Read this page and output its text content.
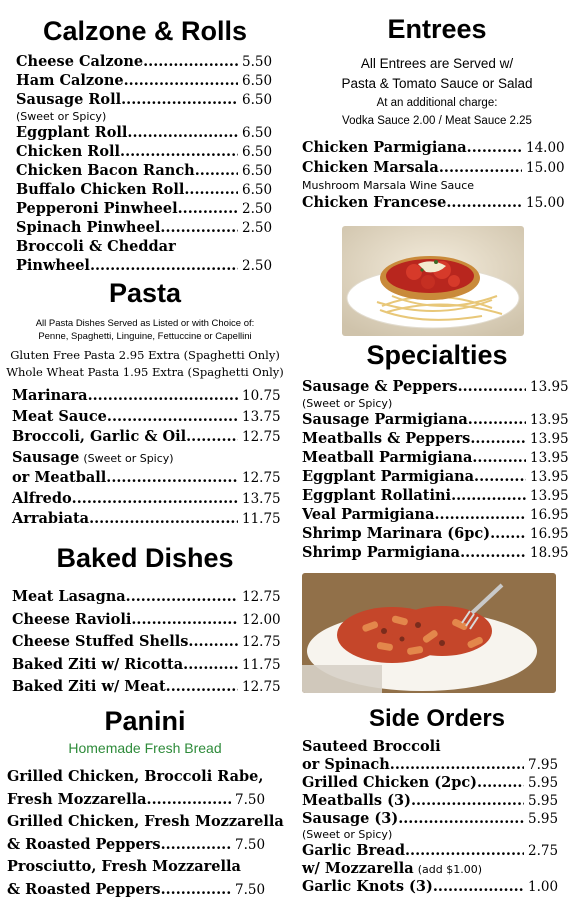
Calzone & Rolls
Cheese Calzone .....	5.50
Ham Calzone .....	6.50
Sausage Roll .....	6.50
(Sweet or Spicy)
Eggplant Roll .....	6.50
Chicken Roll .....	6.50
Chicken Bacon Ranch .....	6.50
Buffalo Chicken Roll .....	6.50
Pepperoni Pinwheel .....	2.50
Spinach Pinwheel .....	2.50
Broccoli & Cheddar
Pinwheel .....	2.50
Pasta
All Pasta Dishes Served as Listed or with Choice of:
Penne, Spaghetti, Linguine, Fettuccine or Capellini
Gluten Free Pasta 2.95 Extra (Spaghetti Only)
Whole Wheat Pasta 1.95 Extra (Spaghetti Only)
Marinara .....	10.75
Meat Sauce .....	13.75
Broccoli, Garlic & Oil .....	12.75
Sausage (Sweet or Spicy)
or Meatball .....	12.75
Alfredo .....	13.75
Arrabiata .....	11.75
Baked Dishes
Meat Lasagna .....	12.75
Cheese Ravioli .....	12.00
Cheese Stuffed Shells .....	12.75
Baked Ziti w/ Ricotta .....	11.75
Baked Ziti w/ Meat .....	12.75
Panini
Homemade Fresh Bread
Grilled Chicken, Broccoli Rabe,
Fresh Mozzarella .....	7.50
Grilled Chicken, Fresh Mozzarella
& Roasted Peppers .....	7.50
Prosciutto, Fresh Mozzarella
& Roasted Peppers .....	7.50
Entrees
All Entrees are Served w/
Pasta & Tomato Sauce or Salad
At an additional charge:
Vodka Sauce 2.00 / Meat Sauce 2.25
Chicken Parmigiana .....	14.00
Chicken Marsala .....	15.00
Mushroom Marsala Wine Sauce
Chicken Francese .....	15.00
Specialties
Sausage & Peppers .....	13.95
(Sweet or Spicy)
Sausage Parmigiana .....	13.95
Meatballs & Peppers .....	13.95
Meatball Parmigiana .....	13.95
Eggplant Parmigiana .....	13.95
Eggplant Rollatini .....	13.95
Veal Parmigiana .....	16.95
Shrimp Marinara (6pc) .....	16.95
Shrimp Parmigiana .....	18.95
Side Orders
Sauteed Broccoli
or Spinach .....	7.95
Grilled Chicken (2pc) .....	5.95
Meatballs (3) .....	5.95
Sausage (3) .....	5.95
(Sweet or Spicy)
Garlic Bread .....	2.75
w/ Mozzarella (add $1.00)
Garlic Knots (3) .....	1.00
